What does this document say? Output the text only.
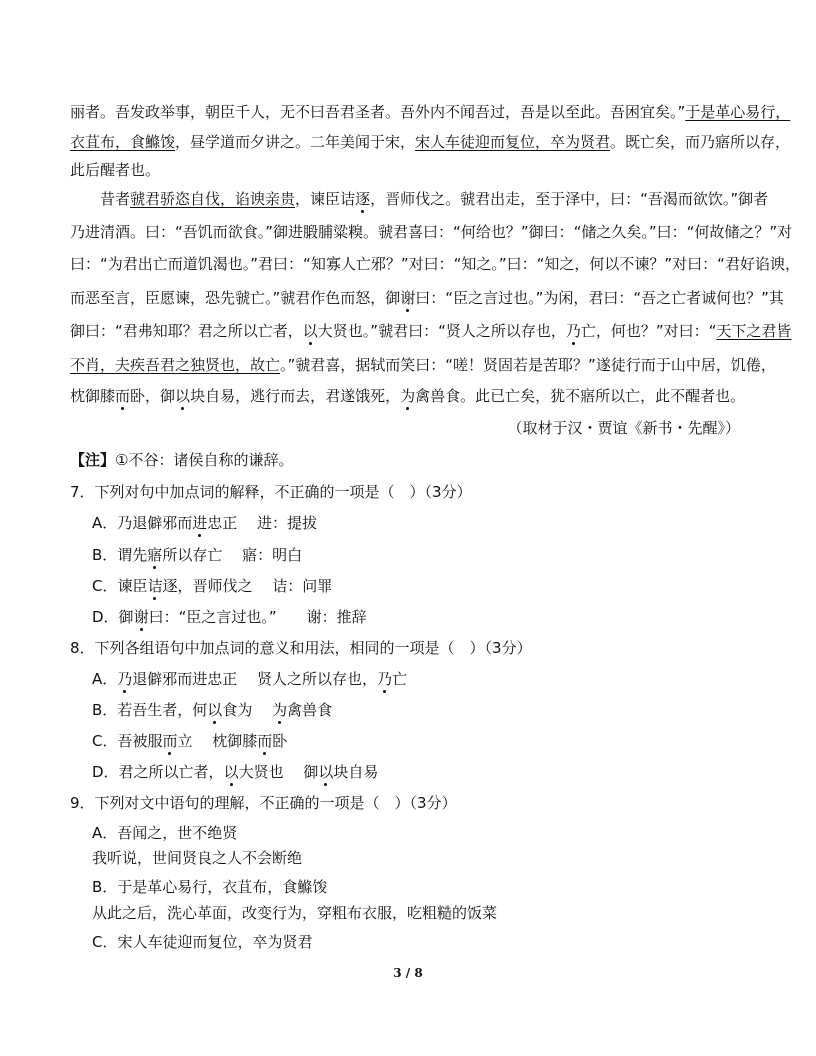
丽者。吾发政举事，朝臣千人，无不曰吾君圣者。吾外内不闻吾过，吾是以至此。吾困宜矣。”于是革心易行，
衣苴布，食鰷馂，昼学道而夕讲之。二年美闻于宋，宋人车徒迎而复位，卒为贤君。既亡矣，而乃寤所以存，
此后醒者也。
昔者虢君骄恣自伐，谄谀亲贵，谏臣诘逐，晋师伐之。虢君出走，至于泽中，曰：“吾渴而欲饮。”御者
乃进清酒。曰：“吾饥而欲食。”御进腶脯粱糗。虢君喜曰：“何给也？”御曰：“储之久矣。”曰：“何故储之？”对
曰：“为君出亡而道饥渴也。”君曰：“知寡人亡邪？”对曰：“知之。”曰：“知之，何以不谏？”对曰：“君好谄谀，
而恶至言，臣愿谏，恐先虢亡。”虢君作色而怒，御谢曰：“臣之言过也。”为闲，君曰：“吾之亡者诚何也？”其
御曰：“君弗知耶？君之所以亡者，以大贤也。”虢君曰：“贤人之所以存也，乃亡，何也？”对曰：“天下之君皆
不肖，夫疾吾君之独贤也，故亡。”虢君喜，据轼而笑曰：“嗟！贤固若是苦耶？”遂徒行而于山中居，饥倦，
枕御膝而卧，御以块自易，逃行而去，君遂饿死，为禽兽食。此已亡矣，犹不寤所以亡，此不醒者也。
（取材于汉・贾谊《新书・先醒》）
【注】①不谷：诸侯自称的谦辞。
7．下列对句中加点词的解释，不正确的一项是（　）（3分）
A．乃退僻邪而进忠正　 进：提拔
B．谓先寤所以存亡　 寤：明白
C．谏臣诘逐，晋师伐之　 诘：问罪
D．御谢曰：“臣之言过也。”　　谢：推辞
8．下列各组语句中加点词的意义和用法，相同的一项是（　）（3分）
A．乃退僻邪而进忠正　 贤人之所以存也，乃亡
B．若吾生者，何以食为　 为禽兽食
C．吾被服而立　 枕御膝而卧
D．君之所以亡者，以大贤也　 御以块自易
9．下列对文中语句的理解，不正确的一项是（　）（3分）
A．吾闻之，世不绝贤
我听说，世间贤良之人不会断绝
B．于是革心易行，衣苴布，食鰷馂
从此之后，洗心革面，改变行为，穿粗布衣服，吃粗糙的饭菜
C．宋人车徒迎而复位，卒为贤君
3 / 8
